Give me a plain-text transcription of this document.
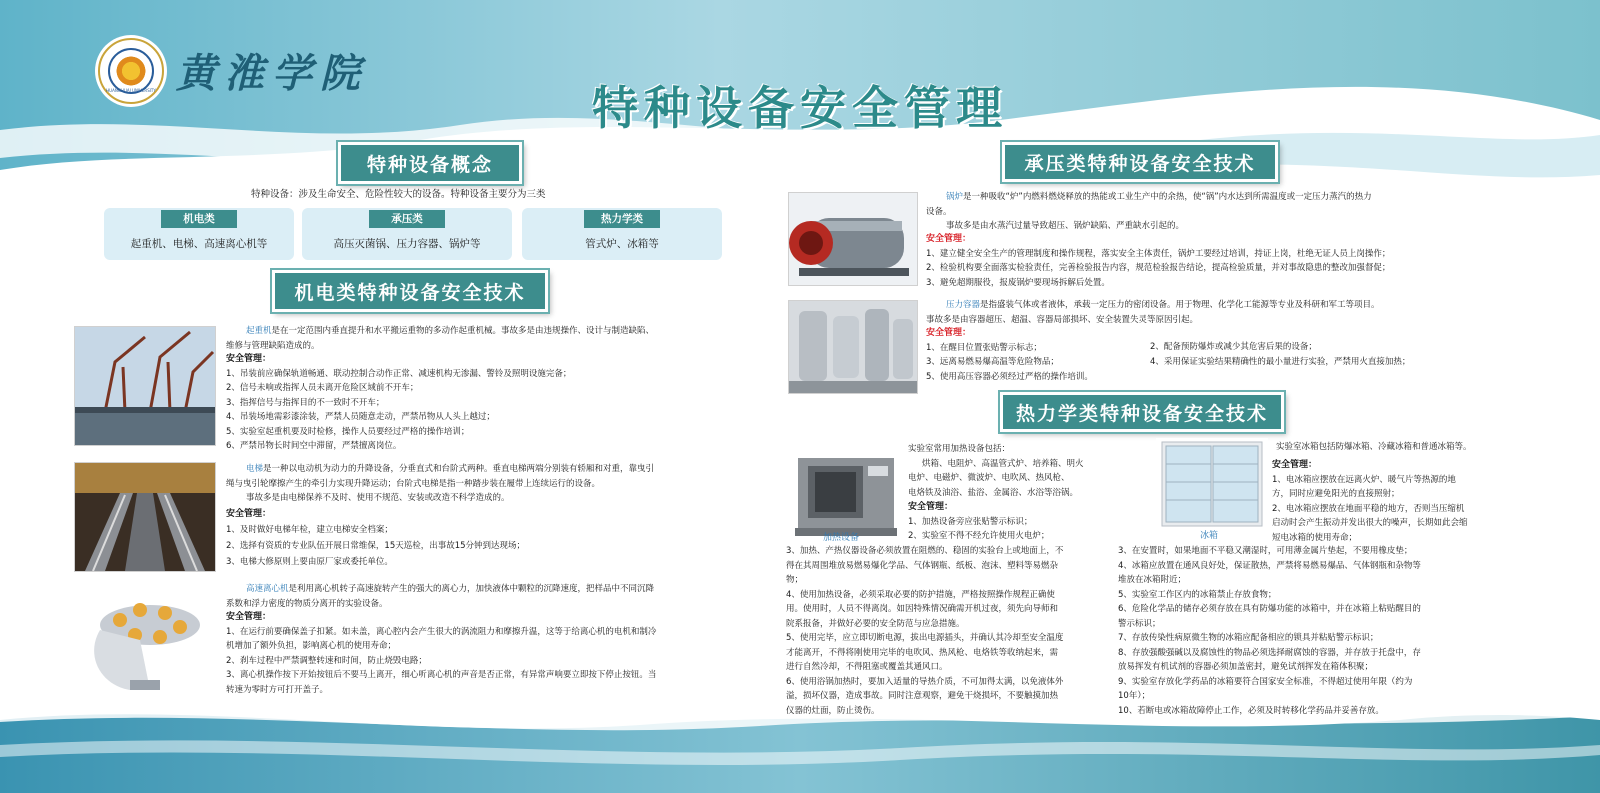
HUANGHUAI UNIVERSITY 黄淮学院
特种设备安全管理
特种设备概念
特种设备：涉及生命安全、危险性较大的设备。特种设备主要分为三类
机电类
起重机、电梯、高速离心机等
承压类
高压灭菌锅、压力容器、锅炉等
热力学类
管式炉、冰箱等
机电类特种设备安全技术

起重机是在一定范围内垂直提升和水平搬运重物的多动作起重机械。事故多是由违规操作、设计与制造缺陷、
维修与管理缺陷造成的。

安全管理：
1、吊装前应确保轨道畅通、联动控制合动作正常、减速机构无渗漏、警铃及照明设施完备；
2、信号未响或指挥人员未离开危险区域前不开车；
3、指挥信号与指挥目的不一致时不开车；
4、吊装场地需彩漆涂装，严禁人员随意走动，严禁吊物从人头上越过；
5、实验室起重机要及时检修，操作人员要经过严格的操作培训；
6、严禁吊物长时间空中滞留，严禁擅离岗位。

电梯是一种以电动机为动力的升降设备，分垂直式和台阶式两种。垂直电梯两端分别装有轿厢和对重，靠曳引
绳与曳引轮摩擦产生的牵引力实现升降运动；台阶式电梯是指一种踏步装在履带上连续运行的设备。
事故多是由电梯保养不及时、使用不规范、安装或改造不科学造成的。

安全管理：
1、及时做好电梯年检，建立电梯安全档案；
2、选择有资质的专业队伍开展日常维保，15天巡检，出事故15分钟到达现场；
3、电梯大修原则上要由原厂家或委托单位。

高速离心机是利用离心机转子高速旋转产生的强大的离心力，加快液体中颗粒的沉降速度，把样品中不同沉降
系数和浮力密度的物质分离开的实验设备。

安全管理：
1、在运行前要确保盖子扣紧。如未盖，离心腔内会产生很大的涡流阻力和摩擦升温，这等于给离心机的电机和制冷
机增加了额外负担，影响离心机的使用寿命；
2、刹车过程中严禁调整转速和时间，防止烧毁电路；
3、离心机操作按下开始按钮后不要马上离开，细心听离心机的声音是否正常，有异常声响要立即按下停止按钮。当
转速为零时方可打开盖子。
承压类特种设备安全技术

锅炉是一种吸收“炉”内燃料燃烧释放的热能或工业生产中的余热，使“锅”内水达到所需温度或一定压力蒸汽的热力
设备。
事故多是由水蒸汽过量导致超压、锅炉缺陷、严重缺水引起的。

安全管理：
1、建立健全安全生产的管理制度和操作规程，落实安全主体责任，锅炉工要经过培训，持证上岗，杜绝无证人员上岗操作；
2、检验机构要全面落实检验责任，完善检验报告内容，规范检验报告结论，提高检验质量，并对事故隐患的整改加强督促；
3、避免超期服役，报废锅炉要现场拆解后处置。

压力容器是指盛装气体或者液体，承载一定压力的密闭设备。用于物理、化学化工能源等专业及科研和军工等项目。
事故多是由容器超压、超温、容器局部损坏、安全装置失灵等原因引起。

安全管理：
1、在醒目位置张贴警示标志；
3、远离易燃易爆高温等危险物品；
5、使用高压容器必须经过严格的操作培训。
2、配备预防爆炸或减少其危害后果的设备；
4、采用保证实验结果精确性的最小量进行实验，严禁用火直接加热；
热力学类特种设备安全技术
加热设备

实验室常用加热设备包括：
烘箱、电阻炉、高温管式炉、培养箱、明火
电炉、电磁炉、微波炉、电吹风、热风枪、
电烙铁及油浴、盐浴、金属浴、水浴等浴锅。
安全管理：
1、加热设备旁应张贴警示标识；
2、实验室不得不经允许使用火电炉；

3、加热、产热仪器设备必须放置在阻燃的、稳固的实验台上或地面上，不
得在其周围堆放易燃易爆化学品、气体钢瓶、纸板、泡沫、塑料等易燃杂
物；
4、使用加热设备，必须采取必要的防护措施，严格按照操作规程正确使
用。使用时，人员不得离岗。如因特殊情况确需开机过夜，须先向导师和
院系报备，并做好必要的安全防范与应急措施。
5、使用完毕，应立即切断电源，拔出电源插头，并确认其冷却至安全温度
才能离开，不得将刚使用完毕的电吹风、热风枪、电烙铁等收纳起来，需
进行自然冷却，不得阻塞或覆盖其通风口。
6、使用浴锅加热时，要加入适量的导热介质，不可加得太满，以免液体外
溢，损坏仪器，造成事故。同时注意观察，避免干烧损坏，不要触摸加热
仪器的灶面，防止烫伤。
冰箱

实验室冰箱包括防爆冰箱、冷藏冰箱和普通冰箱等。

安全管理：
1、电冰箱应摆放在远离火炉、暖气片等热源的地
方，同时应避免阳光的直接照射；
2、电冰箱应摆放在地面平稳的地方，否则当压缩机
启动时会产生振动并发出很大的噪声，长期如此会缩
短电冰箱的使用寿命；
3、在安置时，如果地面不平稳又潮湿时，可用薄金属片垫起，不要用橡皮垫；
4、冰箱应放置在通风良好处，保证散热，严禁将易燃易爆品、气体钢瓶和杂物等
堆放在冰箱附近；
5、实验室工作区内的冰箱禁止存放食物；
6、危险化学品的储存必须存放在具有防爆功能的冰箱中，并在冰箱上粘贴醒目的
警示标识；
7、存放传染性病原微生物的冰箱应配备相应的锁具并粘贴警示标识；
8、存放强酸强碱以及腐蚀性的物品必须选择耐腐蚀的容器，并存放于托盘中，存
放易挥发有机试剂的容器必须加盖密封，避免试剂挥发在箱体积聚；
9、实验室存放化学药品的冰箱要符合国家安全标准，不得超过使用年限（约为
10年）；
10、若断电或冰箱故障停止工作，必须及时转移化学药品并妥善存放。
